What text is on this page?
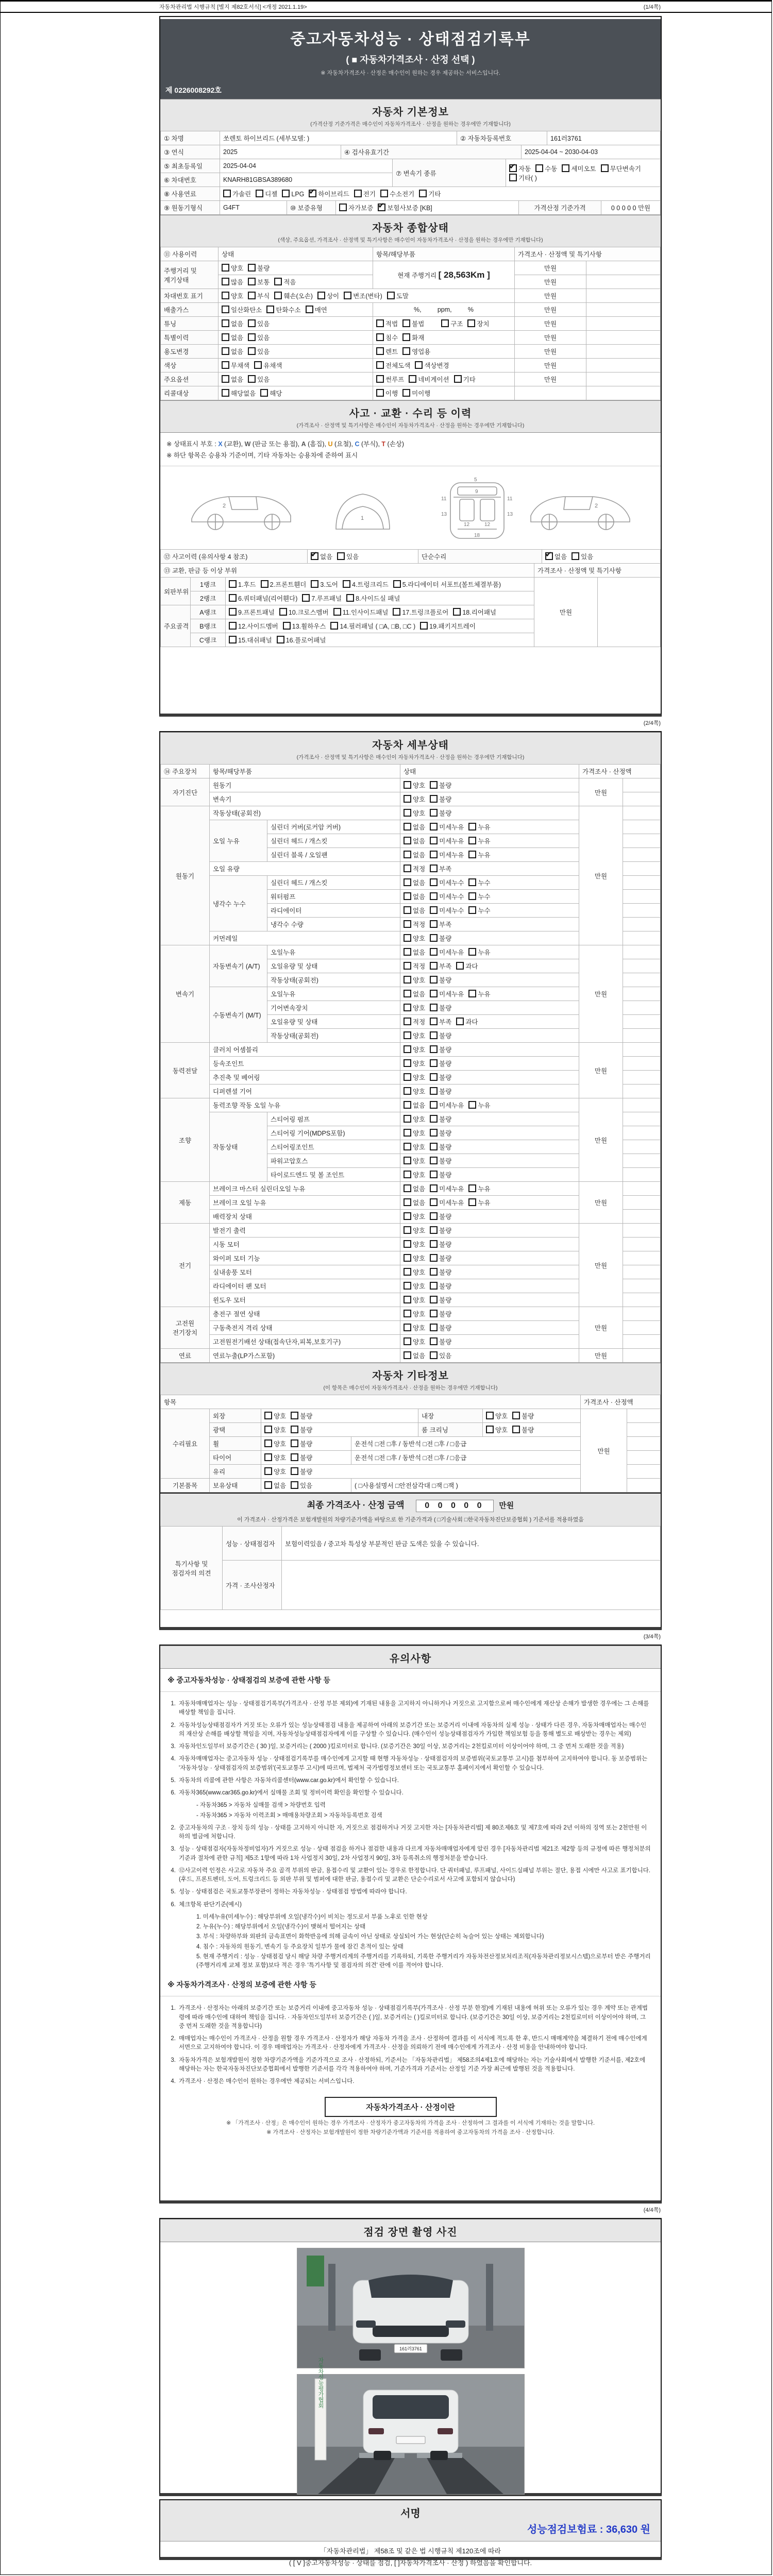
자동차관리법 시행규칙 [별지 제82호서식] <개정 2021.1.19>	(1/4쪽)
중고자동차성능 · 상태점검기록부
( ■ 자동차가격조사 · 산정 선택 )
※ 자동차가격조사 · 산정은 매수인이 원하는 경우 제공하는 서비스입니다.
제 0226008292호
자동차 기본정보
(가격산정 기준가격은 매수인이 자동차가격조사 · 산정을 원하는 경우에만 기재합니다)
① 차명	쏘렌토 하이브리드 (세부모델: )	② 자동차등록번호	161러3761
③ 연식	2025	④ 검사유효기간	2025-04-04 ~ 2030-04-03
⑤ 최초등록일	2025-04-04	⑦ 변속기 종류	✔자동 수동 세미오토 무단변속기기타( )
⑥ 차대번호	KNARH81GBSA389680		
⑧ 사용연료	가솔린 디젤 LPG ✔ 하이브리드 전기 수소전기 기타
⑨ 원동기형식	G4FT	⑩ 보증유형	자가보증 ✔ 보험사보증 [KB]	가격산정 기준가격	0 0 0 0 0 만원
자동차 종합상태
(색상, 주요옵션, 가격조사 · 산정액 및 특기사항은 매수인이 자동차가격조사 · 산정을 원하는 경우에만 기재합니다)
⑪ 사용이력	상태	항목/해당부품	가격조사 · 산정액 및 특기사항	
주행거리 및 계기상태	양호 불량	현재 주행거리 [ 28,563Km ]	만원	
	많음 보통 적음		만원	
차대번호 표기	양호 부식 훼손(오손) 상이 변조(변타) 도말		만원	
배출가스	일산화탄소 탄화수소 매연	%,         ppm,         %	만원	
튜닝	없음 있음	적법 불법 구조 장치	만원	
특별이력	없음 있음	침수 화재	만원	
용도변경	없음 있음	렌트 영업용	만원	
색상	무채색 유채색	전체도색 색상변경	만원	
주요옵션	없음 있음	썬루프 네비게이션 기타	만원	
리콜대상	해당없음 해당	이행 미이행		
사고 · 교환 · 수리 등 이력
(가격조사 · 산정액 및 특기사항은 매수인이 자동차가격조사 · 산정을 원하는 경우에만 기재합니다)
※ 상태표시 부호 : X (교환), W (판금 또는 용접), A (흠집), U (요철), C (부식), T (손상)
※ 하단 항목은 승용차 기준이며, 기타 자동차는 승용차에 준하여 표시
2
1
5
9
11	11
13	13
12	12
18
2
⑫ 사고이력 (유의사항 4 참조)	✔없음 있음	단순수리	✔없음 있음
⑬ 교환, 판금 등 이상 부위			가격조사 · 산정액 및 특기사항	
외판부위	1랭크	1.후드 2.프론트휀더 3.도어 4.트렁크리드 5.라디에이터 서포트(볼트체결부품)	만원	
	2랭크	6.쿼터패널(리어휀다) 7.루프패널 8.사이드실 패널		
주요골격	A랭크	9.프론트패널 10.크로스멤버 11.인사이드패널 17.트렁크플로어 18.리어패널		
	B랭크	12.사이드멤버 13.휠하우스 14.필러패널 ( □A, □B, □C ) 19.패키지트레이		
	C랭크	15.대쉬패널 16.플로어패널		
(2/4쪽)
자동차 세부상태
(가격조사 · 산정액 및 특기사항은 매수인이 자동차가격조사 · 산정을 원하는 경우에만 기재합니다)
⑭ 주요장치	항목/해당부품		상태	가격조사 · 산정액	
자기진단	원동기		양호 불량	만원	
	변속기		양호 불량		
원동기	작동상태(공회전)		양호 불량	만원	
	오일 누유	실린더 커버(로커암 커버)	없음 미세누유 누유		
		실린더 헤드 / 개스킷	없음 미세누유 누유		
		실린더 블록 / 오일팬	없음 미세누유 누유		
	오일 유량		적정 부족		
	냉각수 누수	실린더 헤드 / 개스킷	없음 미세누수 누수		
		워터펌프	없음 미세누수 누수		
		라디에이터	없음 미세누수 누수		
		냉각수 수량	적정 부족		
	커먼레일		양호 불량		
변속기	자동변속기 (A/T)	오일누유	없음 미세누유 누유	만원	
		오일유량 및 상태	적정 부족 과다		
		작동상태(공회전)	양호 불량		
	수동변속기 (M/T)	오일누유	없음 미세누유 누유		
		기어변속장치	양호 불량		
		오일유량 및 상태	적정 부족 과다		
		작동상태(공회전)	양호 불량		
동력전달	클러치 어셈블리		양호 불량	만원	
	등속조인트		양호 불량		
	추진축 및 베어링		양호 불량		
	디퍼렌셜 기어		양호 불량		
조향	동력조향 작동 오일 누유		없음 미세누유 누유	만원	
	작동상태	스티어링 펌프	양호 불량		
		스티어링 기어(MDPS포함)	양호 불량		
		스티어링조인트	양호 불량		
		파워고압호스	양호 불량		
		타이로드엔드 및 볼 조인트	양호 불량		
제동	브레이크 마스터 실린더오일 누유		없음 미세누유 누유	만원	
	브레이크 오일 누유		없음 미세누유 누유		
	배력장치 상태		양호 불량		
전기	발전기 출력		양호 불량	만원	
	시동 모터		양호 불량		
	와이퍼 모터 기능		양호 불량		
	실내송풍 모터		양호 불량		
	라디에이터 팬 모터		양호 불량		
	윈도우 모터		양호 불량		
고전원 전기장치	충전구 절연 상태		양호 불량	만원	
	구동축전지 격리 상태		양호 불량		
	고전원전기배선 상태(접속단자,피복,보호기구)		양호 불량		
연료	연료누출(LP가스포함)		없음 있음	만원	
자동차 기타정보
(이 항목은 매수인이 자동차가격조사 · 산정을 원하는 경우에만 기재합니다)
항목						가격조사 · 산정액	
수리필요	외장	양호 불량		내장	양호 불량	만원	
	광택	양호 불량		룸 크리닝	양호 불량		
	휠	양호 불량	운전석 □전 □후 / 동반석 □전 □후 / □응급				
	타이어	양호 불량	운전석 □전 □후 / 동반석 □전 □후 / □응급				
	유리	양호 불량					
기본품목	보유상태	없음 있음	( □사용설명서 □안전삼각대 □잭 □잭 )				
최종 가격조사 · 산정 금액 0 0 0 0 0 만원
이 가격조사 · 산정가격은 보험개발원의 차량기준가액을 바탕으로 한 기준가격과 ( □기술사회 □한국자동차진단보증협회 ) 기준서를 적용하였음
특기사항 및 점검자의 의견	성능 · 상태점검자	보험이력있음 / 중고차 특성상 부분적인 판금 도색은 있을 수 있습니다.
	가격 · 조사산정자	
(3/4쪽)
유의사항
※ 중고자동차성능 · 상태점검의 보증에 관한 사항 등
1. 자동차매매업자는 성능 · 상태점검기록부(가격조사 · 산정 부분 제외)에 기재된 내용을 고지하지 아니하거나 거짓으로 고지함으로써 매수인에게 재산상 손해가 발생한 경우에는 그 손해를 배상할 책임을 집니다.
2. 자동차성능상태점검자가 거짓 또는 오류가 있는 성능상태점검 내용을 제공하여 아래의 보증기간 또는 보증거리 이내에 자동차의 실제 성능 · 상태가 다른 경우, 자동차매매업자는 매수인의 재산상 손해를 배상할 책임을 지며, 자동차성능상태점검자에게 이를 구상할 수 있습니다. (매수인이 성능상태점검자가 가입한 책임보험 등을 통해 별도로 배상받는 경우는 제외)
3. 자동차인도일부터 보증기간은 ( 30 )일, 보증거리는 ( 2000 )킬로미터로 합니다. (보증기간은 30일 이상, 보증거리는 2천킬로미터 이상이어야 하며, 그 중 먼저 도래한 것을 적용)
4. 자동차매매업자는 중고자동차 성능 · 상태점검기록부를 매수인에게 고지할 때 현행 자동차성능 · 상태점검자의 보증범위(국토교통부 고시)를 첨부하여 고지하여야 합니다. 동 보증범위는 '자동차성능 · 상태점검자의 보증범위'(국토교통부 고시)에 따르며, 법제처 국가법령정보센터 또는 국토교통부 홈페이지에서 확인할 수 있습니다.
5. 자동차의 리콜에 관한 사항은 자동차리콜센터(www.car.go.kr)에서 확인할 수 있습니다.
6. 자동차365(www.car365.go.kr)에서 실매물 조회 및 정비이력 확인을 확인할 수 있습니다.
- 자동차365 > 자동차 실매물 검색 > 차량번호 입력
- 자동차365 > 자동차 이력조회 > 매매용차량조회 > 자동차등록번호 검색
2. 중고자동차의 구조 · 장치 등의 성능 · 상태를 고지하지 아니한 자, 거짓으로 점검하거나 거짓 고지한 자는 [자동차관리법] 제 80조제6호 및 제7호에 따라 2년 이하의 징역 또는 2천만원 이하의 벌금에 처합니다.
3. 성능 · 상태점검자(자동차정비업자)가 거짓으로 성능 · 상태 점검을 하거나 점검한 내용과 다르게 자동차매매업자에게 알린 경우 [자동차관리법 제21조 제2항 등의 규정에 따른 행정처분의 기준과 절차에 관한 규칙] 제5조 1항에 따라 1차 사업정지 30일, 2차 사업정지 90일, 3차 등록취소의 행정처분을 받습니다.
4. ⑫사고이력 인정은 사고로 자동차 주요 골격 부위의 판금, 용접수리 및 교환이 있는 경우로 한정합니다. 단 쿼터패널, 루프패널, 사이드실패널 부위는 절단, 용접 시에만 사고로 표기합니다. (후드, 프론트펜더, 도어, 트렁크리드 등 외판 부위 및 범퍼에 대한 판금, 용접수리 및 교환은 단순수리로서 사고에 포함되지 않습니다)
5. 성능 · 상태점검은 국토교통부장관이 정하는 자동차성능 · 상태점검 방법에 따라야 합니다.
6. 체크항목 판단기준(예시)
1. 미세누유(미세누수) : 해당부위에 오일(냉각수)이 비치는 정도로서 부품 노후로 인한 현상
2. 누유(누수) : 해당부위에서 오일(냉각수)이 맺혀서 떨어지는 상태
3. 부식 : 차량하부와 외판의 금속표면이 화학반응에 의해 금속이 아닌 상태로 상실되어 가는 현상(단순히 녹슬어 있는 상태는 제외합니다)
4. 침수 : 자동차의 원동기, 변속기 등 주요장치 일부가 물에 잠긴 흔적이 있는 상태
5. 현재 주행거리 : 성능 · 상태점검 당시 해당 차량 주행거리계의 주행거리를 기록하되, 기록한 주행거리가 자동차전산정보처리조직(자동차관리정보시스템)으로부터 받은 주행거리(주행거리계 교체 정보 포함)보다 적은 경우 '특기사항 및 점검자의 의견' 란에 이를 적어야 합니다.
※ 자동차가격조사 · 산정의 보증에 관한 사항 등
1. 가격조사 · 산정자는 아래의 보증기간 또는 보증거리 이내에 중고자동차 성능 · 상태점검기록부(가격조사 · 산정 부분 한정)에 기재된 내용에 허위 또는 오류가 있는 경우 계약 또는 관계법령에 따라 매수인에 대하여 책임을 집니다. · 자동차인도일부터 보증기간은 ( )일, 보증거리는 ( )킬로미터로 합니다. (보증기간은 30일 이상, 보증거리는 2천킬로미터 이상이어야 하며, 그 중 먼저 도래한 것을 적용합니다)
2. 매매업자는 매수인이 가격조사 · 산정을 원할 경우 가격조사 · 산정자가 해당 자동차 가격을 조사 · 산정하여 결과를 이 서식에 적도록 한 후, 반드시 매매계약을 체결하기 전에 매수인에게 서면으로 고지하여야 합니다. 이 경우 매매업자는 가격조사 · 산정자에게 가격조사 · 산정을 의뢰하기 전에 매수인에게 가격조사 · 산정 비용을 안내하여야 합니다.
3. 자동차가격은 보험개발원이 정한 차량기준가액을 기준가격으로 조사 · 산정하되, 기준서는 「자동차관리법」 제58조의4제1호에 해당하는 자는 기술사회에서 발행한 기준서를, 제2호에 해당하는 자는 한국자동차진단보증협회에서 발행한 기준서를 각각 적용하여야 하며, 기준가격과 기준서는 산정일 기준 가장 최근에 발행된 것을 적용합니다.
4. 가격조사 · 산정은 매수인이 원하는 경우에만 제공되는 서비스입니다.
자동차가격조사 · 산정이란
※ 「가격조사 · 산정」은 매수인이 원하는 경우 가격조사 · 산정자가 중고자동차의 가격을 조사 · 산정하여 그 결과를 이 서식에 기재하는 것을 말합니다.
※ 가격조사 · 산정자는 보험개발원이 정한 차량기준가액과 기준서를 적용하여 중고자동차의 가격을 조사 · 산정합니다.
(4/4쪽)
점검 장면 촬영 사진
161러3761
자동차성능평가협회
서명
성능점검보험료 : 36,630 원
「자동차관리법」 제58조 및 같은 법 시행규칙 제120조에 따라
( [ V ]중고자동차성능 · 상태를 점검, [ ]자동차가격조사 · 산정 ) 하였음을 확인합니다.
